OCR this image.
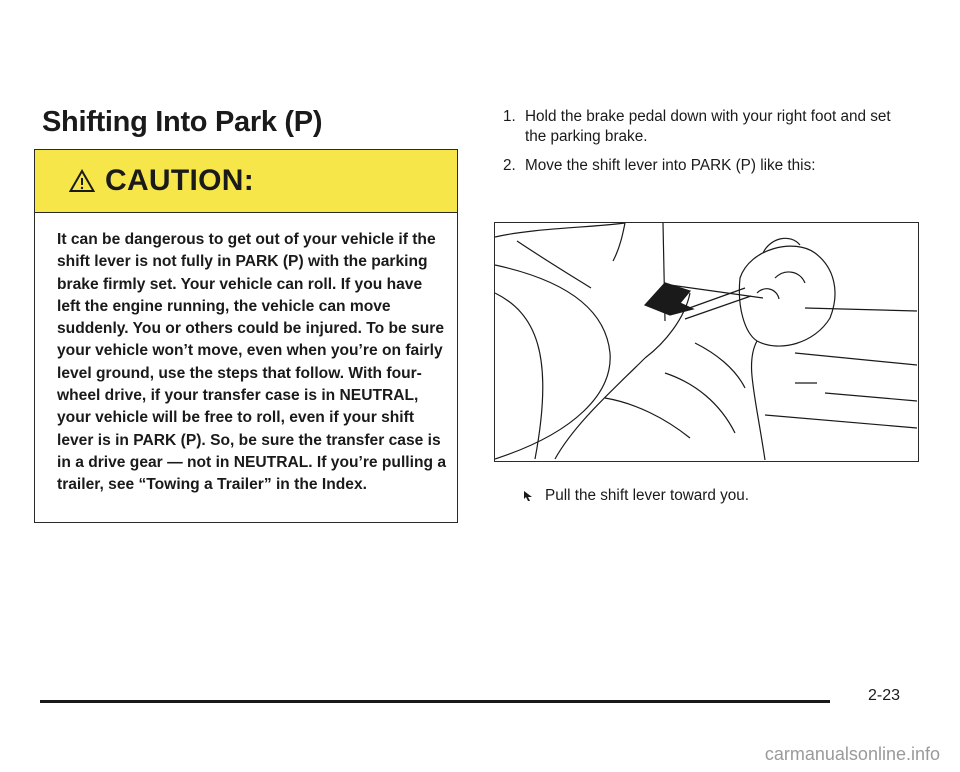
Shifting Into Park (P)
CAUTION:

It can be dangerous to get out of your vehicle if the shift lever is not fully in PARK (P) with the parking brake firmly set. Your vehicle can roll. If you have left the engine running, the vehicle can move suddenly. You or others could be injured. To be sure your vehicle won’t move, even when you’re on fairly level ground, use the steps that follow. With four-wheel drive, if your transfer case is in NEUTRAL, your vehicle will be free to roll, even if your shift lever is in PARK (P). So, be sure the transfer case is in a drive gear — not in NEUTRAL. If you’re pulling a trailer, see “Towing a Trailer” in the Index.

1. Hold the brake pedal down with your right foot and set the parking brake.
2. Move the shift lever into PARK (P) like this:
Pull the shift lever toward you.
2-23
carmanualsonline.info
